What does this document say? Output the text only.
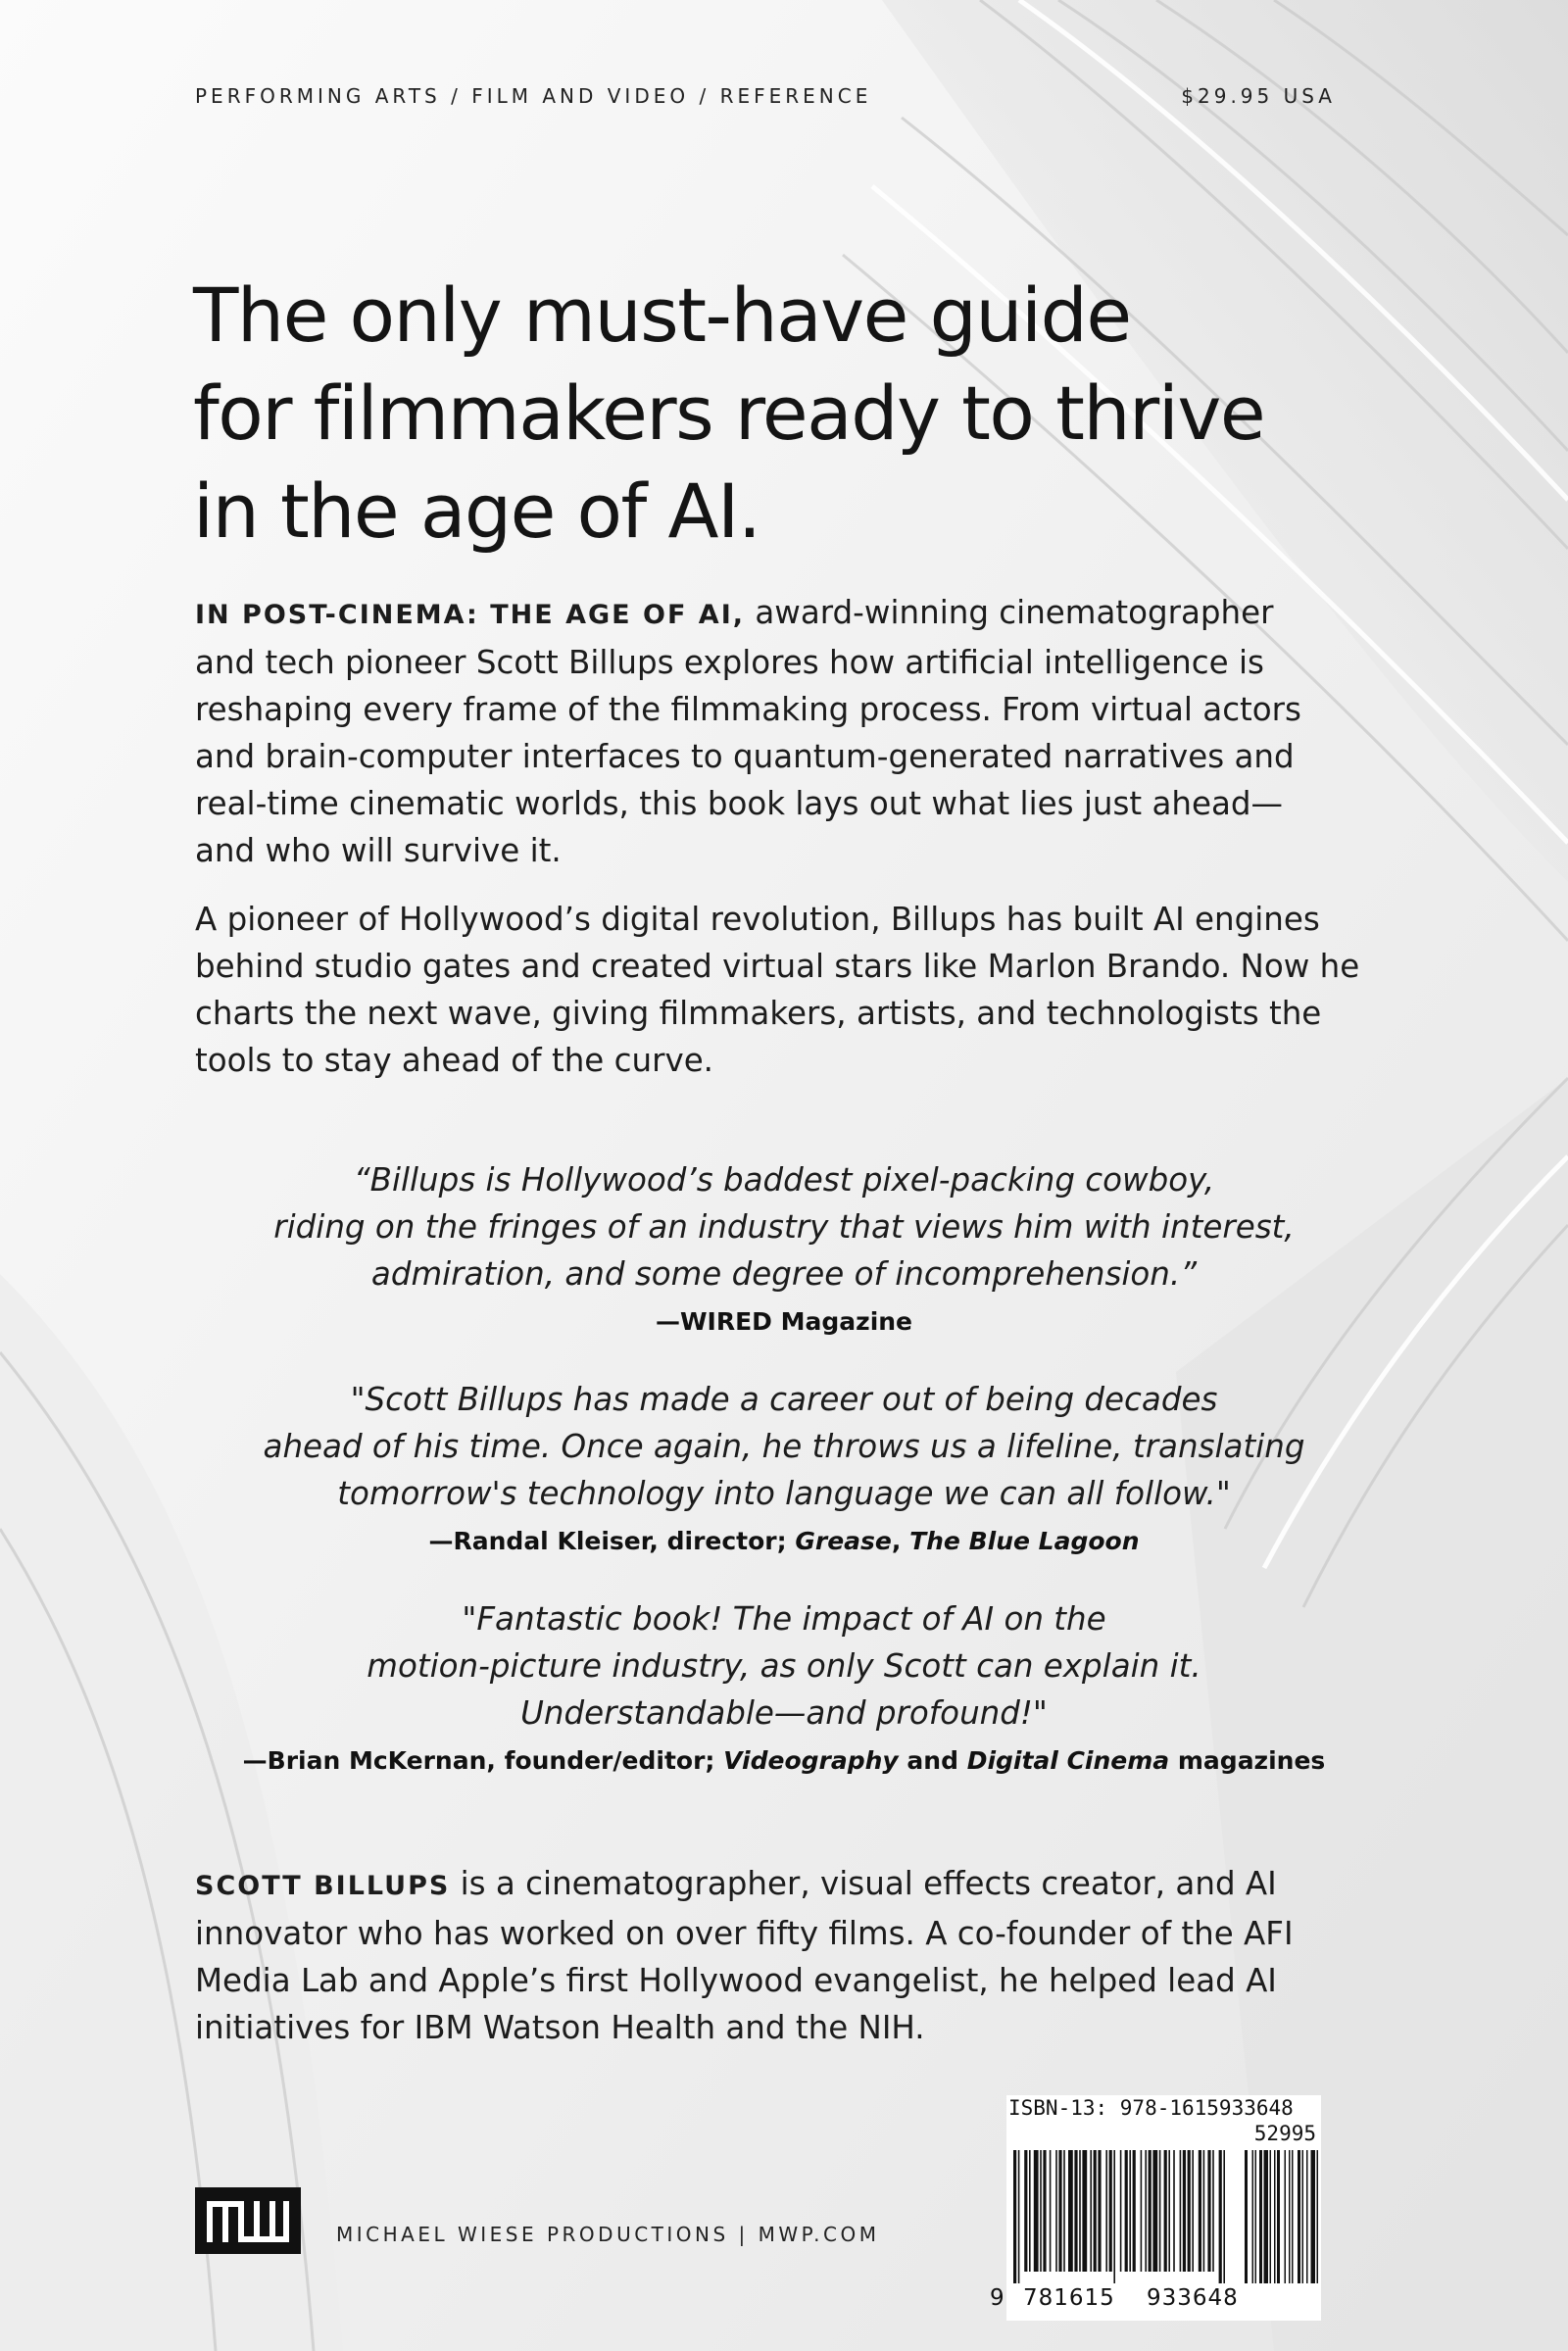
PERFORMING ARTS / FILM AND VIDEO / REFERENCE	$29.95 USA
The only must-have guide
for filmmakers ready to thrive
in the age of AI.

IN POST-CINEMA: THE AGE OF AI, award-winning cinematographer
and tech pioneer Scott Billups explores how artificial intelligence is
reshaping every frame of the filmmaking process. From virtual actors
and brain-computer interfaces to quantum-generated narratives and
real-time cinematic worlds, this book lays out what lies just ahead—
and who will survive it.

A pioneer of Hollywood’s digital revolution, Billups has built AI engines
behind studio gates and created virtual stars like Marlon Brando. Now he
charts the next wave, giving filmmakers, artists, and technologists the
tools to stay ahead of the curve.

“Billups is Hollywood’s baddest pixel-packing cowboy,
riding on the fringes of an industry that views him with interest,
admiration, and some degree of incomprehension.”
—WIRED Magazine
"Scott Billups has made a career out of being decades
ahead of his time. Once again, he throws us a lifeline, translating
tomorrow's technology into language we can all follow."
—Randal Kleiser, director; Grease, The Blue Lagoon
"Fantastic book! The impact of AI on the
motion-picture industry, as only Scott can explain it.
Understandable—and profound!"
—Brian McKernan, founder/editor; Videography and Digital Cinema magazines

SCOTT BILLUPS is a cinematographer, visual effects creator, and AI
innovator who has worked on over fifty films. A co-founder of the AFI
Media Lab and Apple’s first Hollywood evangelist, he helped lead AI
initiatives for IBM Watson Health and the NIH.

MICHAEL WIESE PRODUCTIONS | MWP.COM
ISBN-13: 978-1615933648
52995
9 781615 933648
